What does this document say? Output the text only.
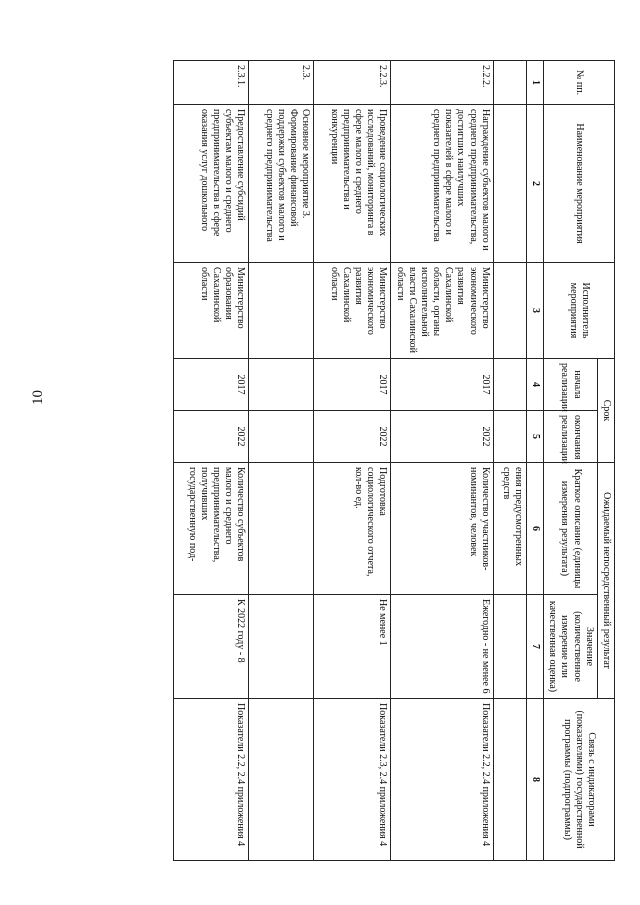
10
№ пп.	Наименование мероприятия	Исполнитель мероприятия	Срок		Ожидаемый непосредственный результат		Связь с индикаторами (показателями) государственной программы (подпрограммы)
			начала реализации	окончания реализации	Краткое описание (единицы измерения результата)	Значение (количественное измерение или качественная оценка)	
1	2	3	4	5	6	7	8
					ения предусмотренных средств		
2.2.2.	Награждение субъектов малого и среднего предпринимательства, достигших наилучших показателей в сфере малого и среднего предпринимательства	Министерство экономического развития Сахалинской области, органы исполнительной власти Сахалинской области	2017	2022	Количество участников-номинантов, человек	Ежегодно - не менее 6	Показатели 2.2, 2.4 приложения 4
2.2.3.	Проведение социологических исследований, мониторинга в сфере малого и среднего предпринимательства и конкуренции	Министерство экономического развития Сахалинской области	2017	2022	Подготовка социологического отчета, кол-во ед.	Не менее 1	Показатели 2.3, 2.4 приложения 4
2.3.	Основное мероприятие 3. Формирование финансовой поддержки субъектов малого и среднего предпринимательства						
2.3.1.	Предоставление субсидий субъектам малого и среднего предпринимательства в сфере оказания услуг дошкольного	Министерство образования Сахалинской области	2017	2022	Количество субъектов малого и среднего предпринимательства, получивших государственную под-	К 2022 году - 8	Показатели 2.2, 2.4 приложения 4
